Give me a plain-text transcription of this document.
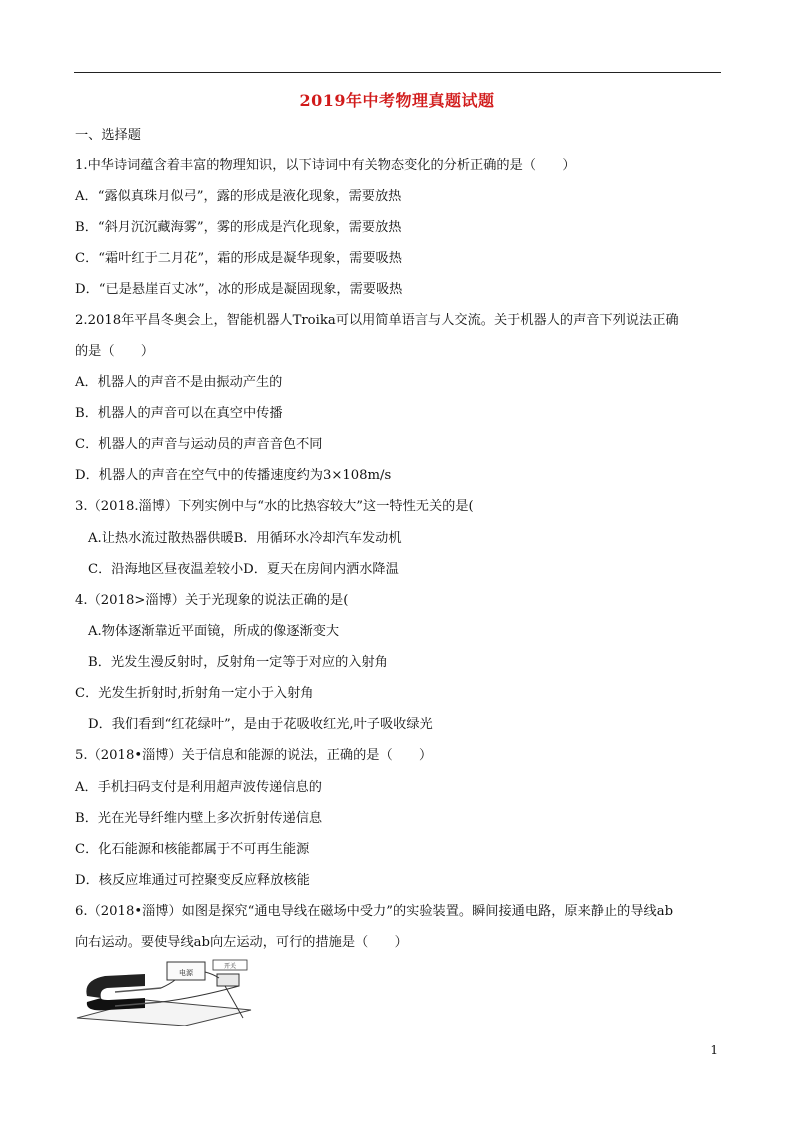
2019年中考物理真题试题
一、选择题
1.中华诗词蕴含着丰富的物理知识，以下诗词中有关物态变化的分析正确的是（　　）
A．“露似真珠月似弓”，露的形成是液化现象，需要放热
B．“斜月沉沉藏海雾”，雾的形成是汽化现象，需要放热
C．“霜叶红于二月花”，霜的形成是凝华现象，需要吸热
D．“已是悬崖百丈冰”，冰的形成是凝固现象，需要吸热
2.2018年平昌冬奥会上，智能机器人Troika可以用简单语言与人交流。关于机器人的声音下列说法正确
的是（　　）
A．机器人的声音不是由振动产生的
B．机器人的声音可以在真空中传播
C．机器人的声音与运动员的声音音色不同
D．机器人的声音在空气中的传播速度约为3×108m/s
3.（2018.淄博）下列实例中与“水的比热容较大”这一特性无关的是(
A.让热水流过散热器供暖B．用循环水冷却汽车发动机
C．沿海地区昼夜温差较小D．夏天在房间内洒水降温
4.（2018>淄博）关于光现象的说法正确的是(
A.物体逐渐靠近平面镜，所成的像逐渐变大
B．光发生漫反射时，反射角一定等于对应的入射角
C．光发生折射时,折射角一定小于入射角
D．我们看到“红花绿叶”，是由于花吸收红光,叶子吸收绿光
5.（2018•淄博）关于信息和能源的说法，正确的是（　　）
A．手机扫码支付是利用超声波传递信息的
B．光在光导纤维内壁上多次折射传递信息
C．化石能源和核能都属于不可再生能源
D．核反应堆通过可控聚变反应释放核能
6.（2018•淄博）如图是探究“通电导线在磁场中受力”的实验装置。瞬间接通电路，原来静止的导线ab
向右运动。要使导线ab向左运动，可行的措施是（　　）
电源
开关
1
